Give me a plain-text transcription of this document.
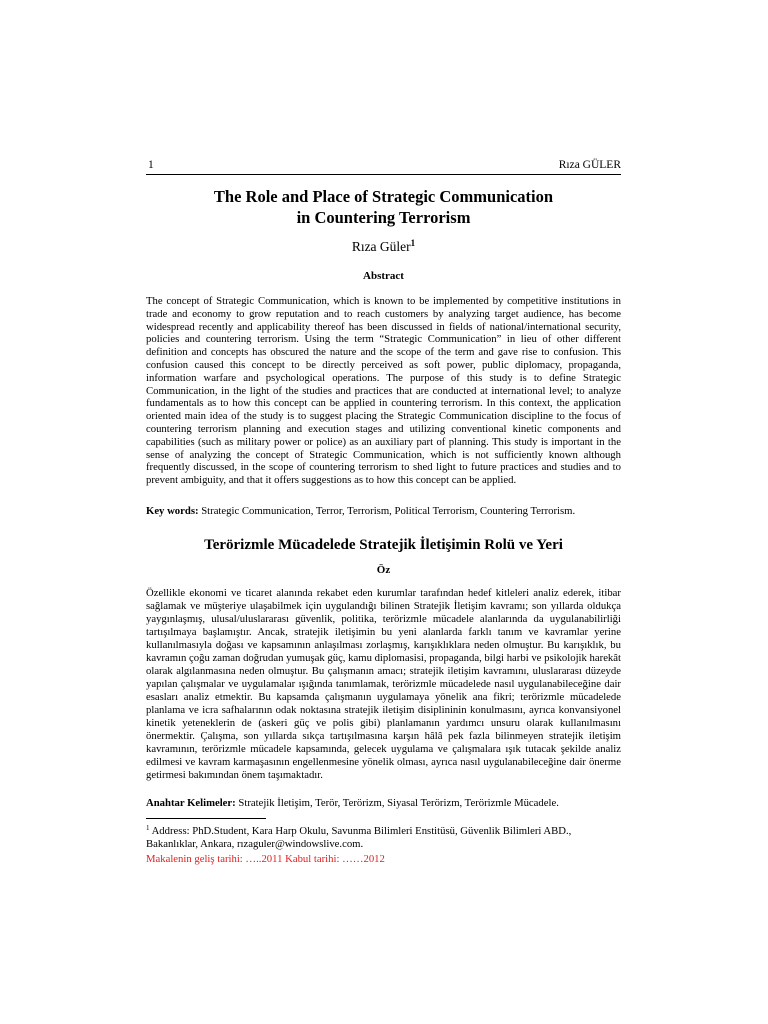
1	Rıza GÜLER
The Role and Place of Strategic Communication
in Countering Terrorism
Rıza Güler$^1$
Abstract
The concept of Strategic Communication, which is known to be implemented by competitive institutions in trade and economy to grow reputation and to reach customers by analyzing target audience, has become widespread recently and applicability thereof has been discussed in fields of national/international security, policies and countering terrorism. Using the term “Strategic Communication” in lieu of other different definition and concepts has obscured the nature and the scope of the term and gave rise to confusion. This confusion caused this concept to be directly perceived as soft power, public diplomacy, propaganda, information warfare and psychological operations. The purpose of this study is to define Strategic Communication, in the light of the studies and practices that are conducted at international level; to analyze fundamentals as to how this concept can be applied in countering terrorism. In this context, the application oriented main idea of the study is to suggest placing the Strategic Communication discipline to the focus of countering terrorism planning and execution stages and utilizing conventional kinetic components and capabilities (such as military power or police) as an auxiliary part of planning. This study is important in the sense of analyzing the concept of Strategic Communication, which is not sufficiently known although frequently discussed, in the scope of countering terrorism to shed light to future practices and studies and to prevent ambiguity, and that it offers suggestions as to how this concept can be applied.
Key words: Strategic Communication, Terror, Terrorism, Political Terrorism, Countering Terrorism.
Terörizmle Mücadelede Stratejik İletişimin Rolü ve Yeri
Öz
Özellikle ekonomi ve ticaret alanında rekabet eden kurumlar tarafından hedef kitleleri analiz ederek, itibar sağlamak ve müşteriye ulaşabilmek için uygulandığı bilinen Stratejik İletişim kavramı; son yıllarda oldukça yaygınlaşmış, ulusal/uluslararası güvenlik, politika, terörizmle mücadele alanlarında da uygulanabilirliği tartışılmaya başlamıştır. Ancak, stratejik iletişimin bu yeni alanlarda farklı tanım ve kavramlar yerine kullanılmasıyla doğası ve kapsamının anlaşılması zorlaşmış, karışıklıklara neden olmuştur. Bu karışıklık, bu kavramın çoğu zaman doğrudan yumuşak güç, kamu diplomasisi, propaganda, bilgi harbi ve psikolojik harekât olarak algılanmasına neden olmuştur. Bu çalışmanın amacı; stratejik iletişim kavramını, uluslararası düzeyde yapılan çalışmalar ve uygulamalar ışığında tanımlamak, terörizmle mücadelede nasıl uygulanabileceğine dair esasları analiz etmektir. Bu kapsamda çalışmanın uygulamaya yönelik ana fikri; terörizmle mücadelede planlama ve icra safhalarının odak noktasına stratejik iletişim disiplininin konulmasını, ayrıca konvansiyonel kinetik yeteneklerin de (askeri güç ve polis gibi) planlamanın yardımcı unsuru olarak kullanılmasını önermektir. Çalışma, son yıllarda sıkça tartışılmasına karşın hâlâ pek fazla bilinmeyen stratejik iletişim kavramının, terörizmle mücadele kapsamında, gelecek uygulama ve çalışmalara ışık tutacak şekilde analiz edilmesi ve kavram karmaşasının engellenmesine yönelik olması, ayrıca nasıl uygulanabileceğine dair önerme getirmesi bakımından önem taşımaktadır.
Anahtar Kelimeler: Stratejik İletişim, Terör, Terörizm, Siyasal Terörizm, Terörizmle Mücadele.
$^1$ Address: PhD.Student, Kara Harp Okulu, Savunma Bilimleri Enstitüsü, Güvenlik Bilimleri ABD., Bakanlıklar, Ankara, rızaguler@windowslive.com.
Makalenin geliş tarihi: …..2011 Kabul tarihi: ……2012
